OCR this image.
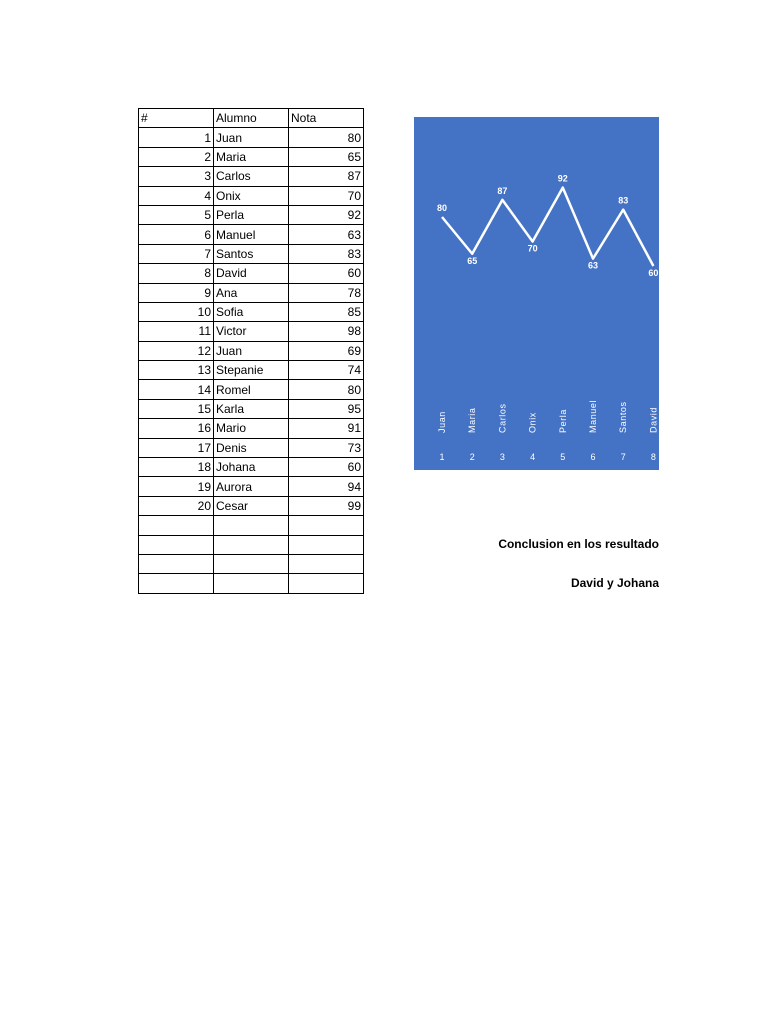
#	Alumno	Nota
1	Juan	80
2	Maria	65
3	Carlos	87
4	Onix	70
5	Perla	92
6	Manuel	63
7	Santos	83
8	David	60
9	Ana	78
10	Sofia	85
11	Victor	98
12	Juan	69
13	Stepanie	74
14	Romel	80
15	Karla	95
16	Mario	91
17	Denis	73
18	Johana	60
19	Aurora	94
20	Cesar	99

80
65
87
70
92
63
83
60
Juan
1
Maria
2
Carlos
3
Onix
4
Perla
5
Manuel
6
Santos
7
David
8
Conclusion en los resultado
David y Johana
